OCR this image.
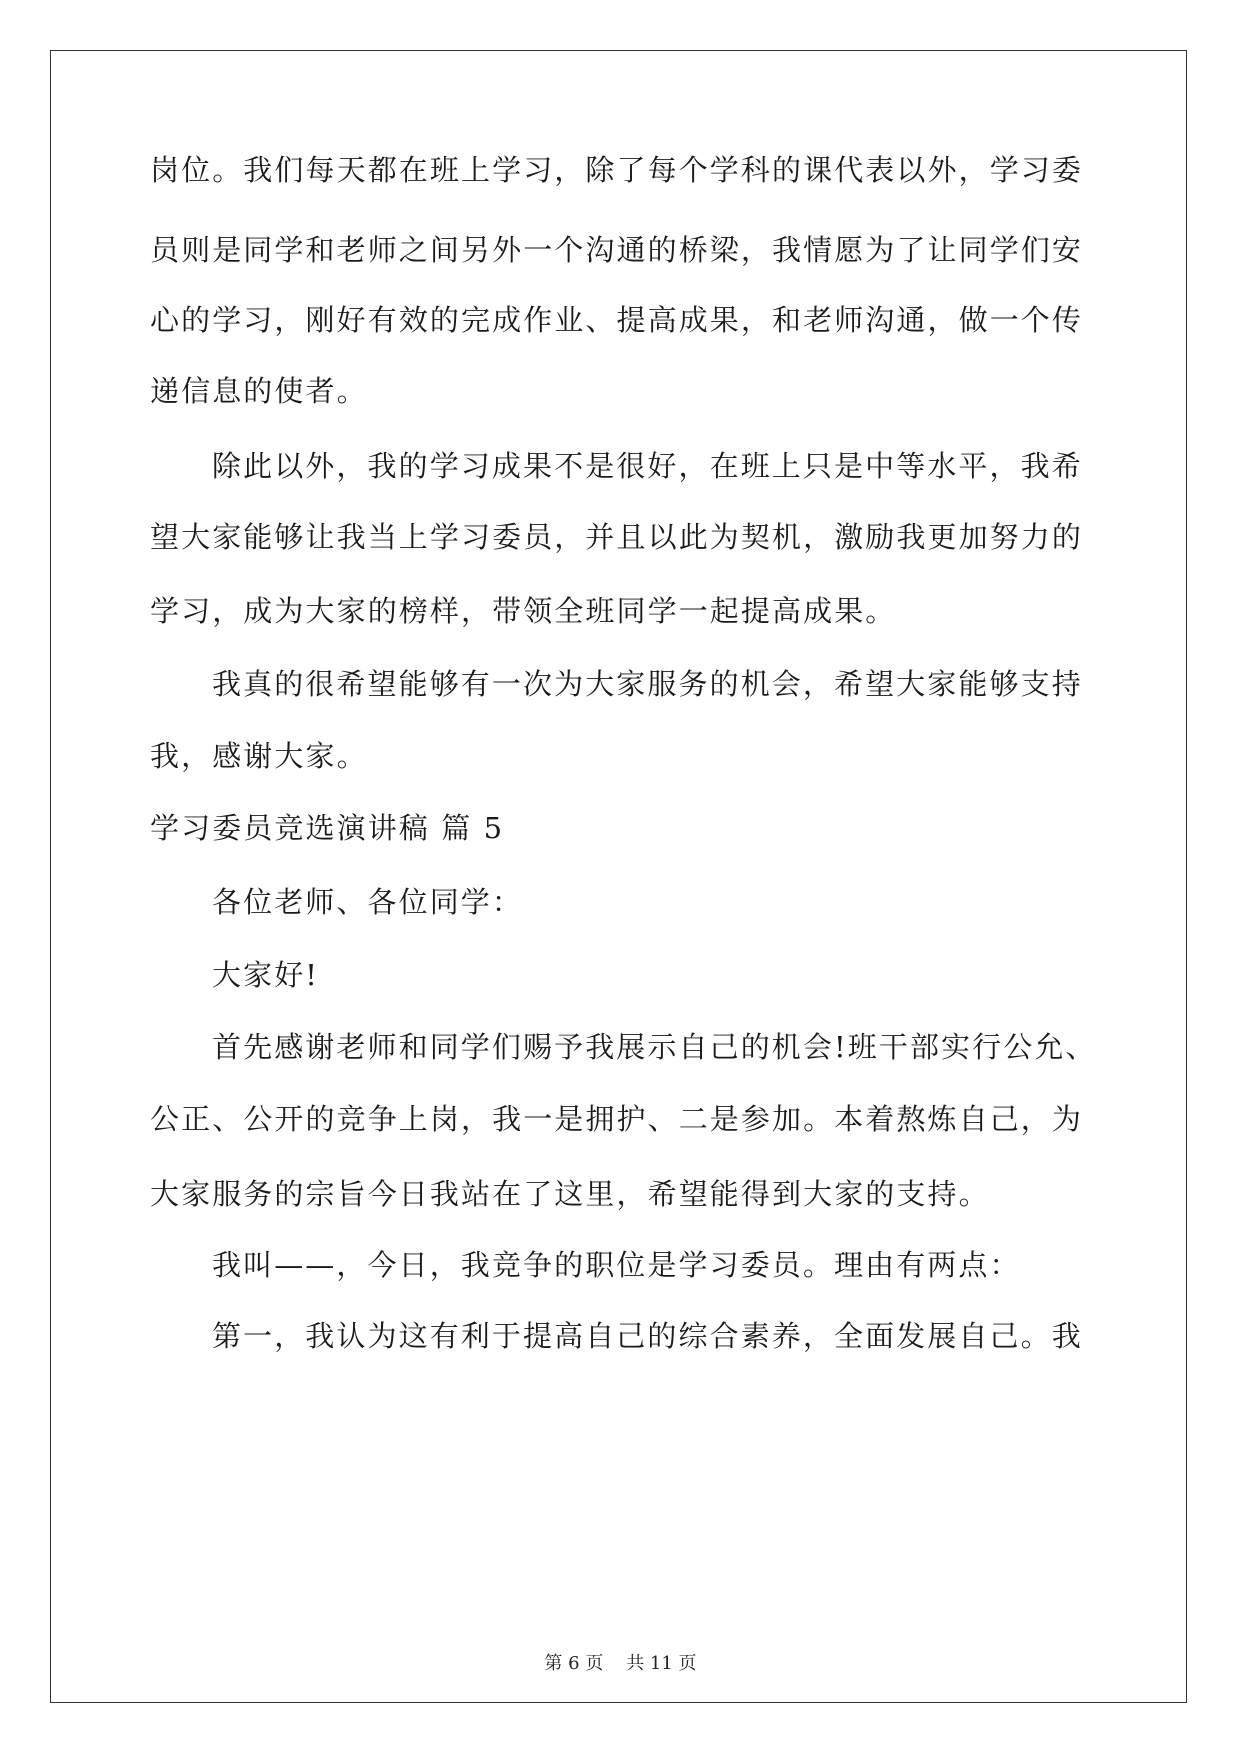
岗位。我们每天都在班上学习，除了每个学科的课代表以外，学习委
员则是同学和老师之间另外一个沟通的桥梁，我情愿为了让同学们安
心的学习，刚好有效的完成作业、提高成果，和老师沟通，做一个传
递信息的使者。
除此以外，我的学习成果不是很好，在班上只是中等水平，我希
望大家能够让我当上学习委员，并且以此为契机，激励我更加努力的
学习，成为大家的榜样，带领全班同学一起提高成果。
我真的很希望能够有一次为大家服务的机会，希望大家能够支持
我，感谢大家。
学习委员竞选演讲稿 篇 5
各位老师、各位同学：
大家好!
首先感谢老师和同学们赐予我展示自己的机会!班干部实行公允、
公正、公开的竞争上岗，我一是拥护、二是参加。本着熬炼自己，为
大家服务的宗旨今日我站在了这里，希望能得到大家的支持。
我叫——，今日，我竞争的职位是学习委员。理由有两点：
第一，我认为这有利于提高自己的综合素养，全面发展自己。我
第 6 页    共 11 页
